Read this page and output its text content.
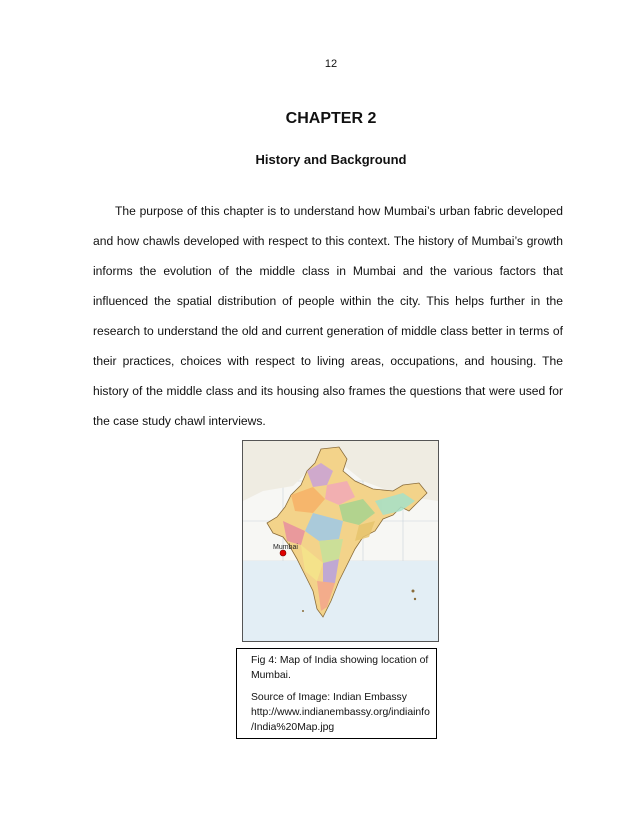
12
CHAPTER 2
History and Background

The purpose of this chapter is to understand how Mumbai’s urban fabric developed and how chawls developed with respect to this context. The history of Mumbai’s growth informs the evolution of the middle class in Mumbai and the various factors that influenced the spatial distribution of people within the city. This helps further in the research to understand the old and current generation of middle class better in terms of their practices, choices with respect to living areas, occupations, and housing. The history of the middle class and its housing also frames the questions that were used for the case study chawl interviews.

Mumbai

Fig 4: Map of India showing location of

Mumbai.

Source of Image: Indian Embassy

http://www.indianembassy.org/indiainfo

/India%20Map.jpg
